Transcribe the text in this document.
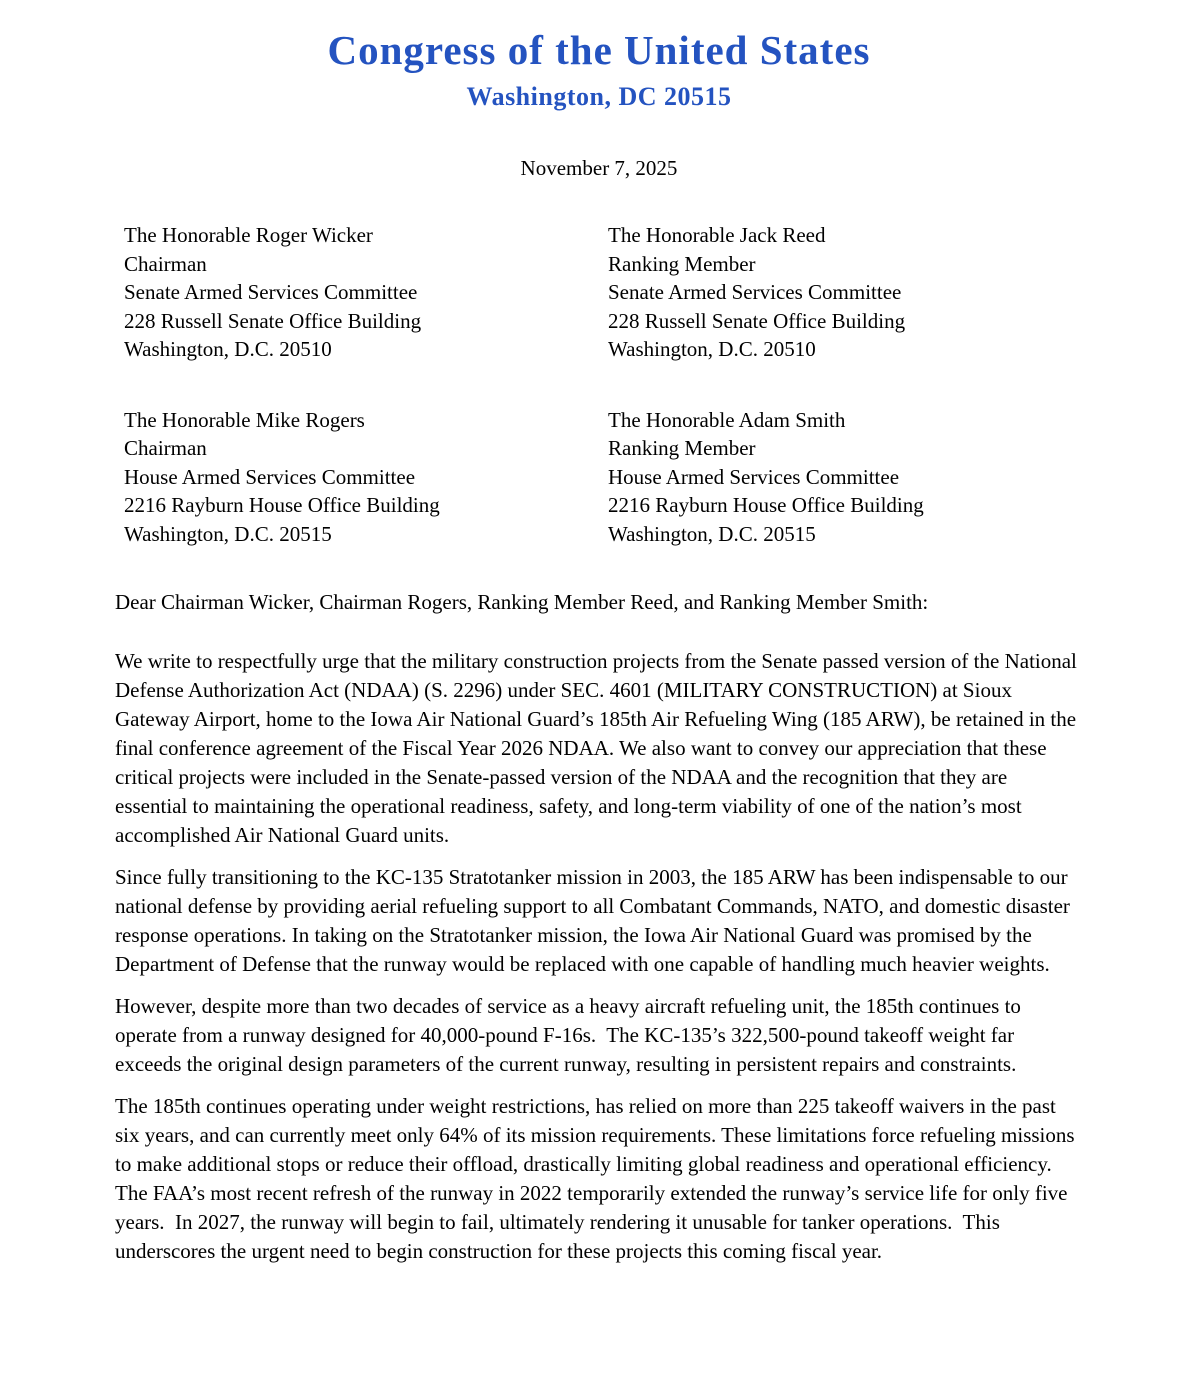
Congress of the United States
Washington, DC 20515
November 7, 2025
The Honorable Roger Wicker
Chairman
Senate Armed Services Committee
228 Russell Senate Office Building
Washington, D.C. 20510
The Honorable Jack Reed
Ranking Member
Senate Armed Services Committee
228 Russell Senate Office Building
Washington, D.C. 20510
The Honorable Mike Rogers
Chairman
House Armed Services Committee
2216 Rayburn House Office Building
Washington, D.C. 20515
The Honorable Adam Smith
Ranking Member
House Armed Services Committee
2216 Rayburn House Office Building
Washington, D.C. 20515

Dear Chairman Wicker, Chairman Rogers, Ranking Member Reed, and Ranking Member Smith:

We write to respectfully urge that the military construction projects from the Senate passed version of the National Defense Authorization Act (NDAA) (S. 2296) under SEC. 4601 (MILITARY CONSTRUCTION) at Sioux Gateway Airport, home to the Iowa Air National Guard’s 185th Air Refueling Wing (185 ARW), be retained in the final conference agreement of the Fiscal Year 2026 NDAA. We also want to convey our appreciation that these critical projects were included in the Senate-passed version of the NDAA and the recognition that they are essential to maintaining the operational readiness, safety, and long-term viability of one of the nation’s most accomplished Air National Guard units.

Since fully transitioning to the KC-135 Stratotanker mission in 2003, the 185 ARW has been indispensable to our national defense by providing aerial refueling support to all Combatant Commands, NATO, and domestic disaster response operations. In taking on the Stratotanker mission, the Iowa Air National Guard was promised by the Department of Defense that the runway would be replaced with one capable of handling much heavier weights.

However, despite more than two decades of service as a heavy aircraft refueling unit, the 185th continues to operate from a runway designed for 40,000-pound F-16s.  The KC-135’s 322,500-pound takeoff weight far exceeds the original design parameters of the current runway, resulting in persistent repairs and constraints.

The 185th continues operating under weight restrictions, has relied on more than 225 takeoff waivers in the past six years, and can currently meet only 64% of its mission requirements. These limitations force refueling missions to make additional stops or reduce their offload, drastically limiting global readiness and operational efficiency. The FAA’s most recent refresh of the runway in 2022 temporarily extended the runway’s service life for only five years.  In 2027, the runway will begin to fail, ultimately rendering it unusable for tanker operations.  This underscores the urgent need to begin construction for these projects this coming fiscal year.
